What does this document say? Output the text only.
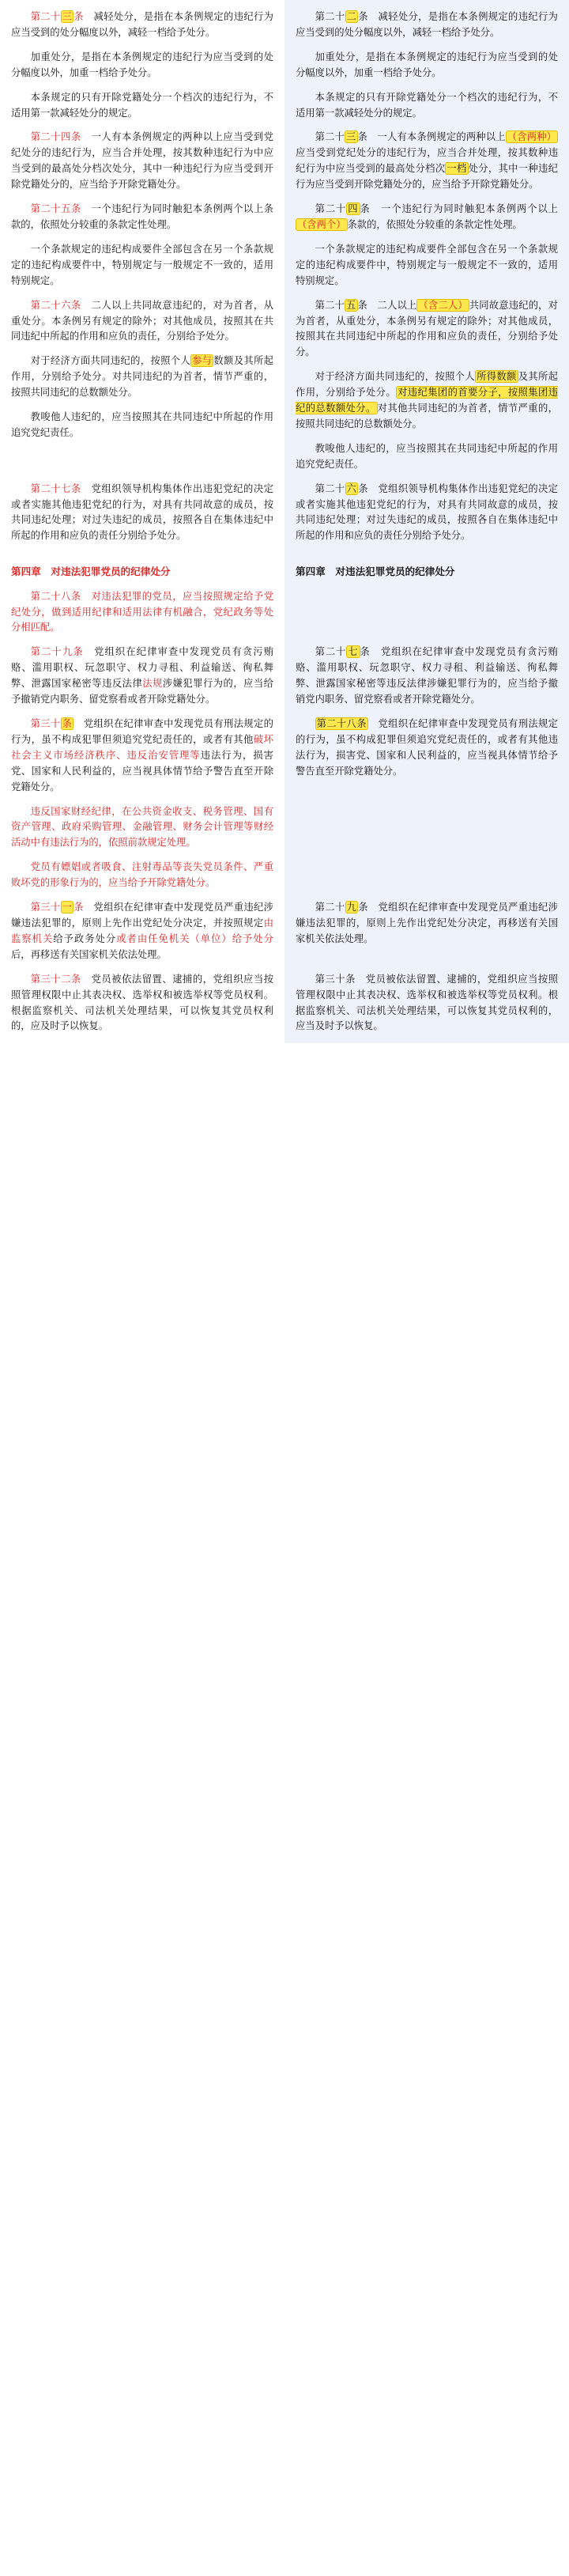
第二十 三 条　减轻处分，是指在本条例规定的违纪行为应当受到的处分幅度以外，减轻一档给予处分。

加重处分，是指在本条例规定的违纪行为应当受到的处分幅度以外，加重一档给予处分。

本条规定的只有开除党籍处分一个档次的违纪行为，不适用第一款减轻处分的规定。

第二十 二 条　减轻处分，是指在本条例规定的违纪行为应当受到的处分幅度以外，减轻一档给予处分。

加重处分，是指在本条例规定的违纪行为应当受到的处分幅度以外，加重一档给予处分。

本条规定的只有开除党籍处分一个档次的违纪行为，不适用第一款减轻处分的规定。

第二十四条　一人有本条例规定的两种以上应当受到党纪处分的违纪行为，应当合并处理，按其数种违纪行为中应当受到的最高处分档次处分，其中一种违纪行为应当受到开除党籍处分的，应当给予开除党籍处分。

第二十 三 条　一人有本条例规定的两种以上 （含两种）应当受到党纪处分的违纪行为，应当合并处理，按其数种违纪行为中应当受到的最高处分档次 一档 处分，其中一种违纪行为应当受到开除党籍处分的，应当给予开除党籍处分。

第二十五条　一个违纪行为同时触犯本条例两个以上条款的，依照处分较重的条款定性处理。

一个条款规定的违纪构成要件全部包含在另一个条款规定的违纪构成要件中，特别规定与一般规定不一致的，适用特别规定。

第二十 四 条　一个违纪行为同时触犯本条例两个以上（含两个） 条款的，依照处分较重的条款定性处理。

一个条款规定的违纪构成要件全部包含在另一个条款规定的违纪构成要件中，特别规定与一般规定不一致的，适用特别规定。

第二十六条　二人以上共同故意违纪的，对为首者，从重处分。本条例另有规定的除外；对其他成员，按照其在共同违纪中所起的作用和应负的责任，分别给予处分。

对于经济方面共同违纪的，按照个人 参与 数额及其所起作用，分别给予处分。对共同违纪的为首者，情节严重的，按照共同违纪的总数额处分。

教唆他人违纪的，应当按照其在共同违纪中所起的作用追究党纪责任。

第二十 五 条　二人以上 （含二人） 共同故意违纪的，对为首者，从重处分，本条例另有规定的除外；对其他成员，按照其在共同违纪中所起的作用和应负的责任，分别给予处分。

对于经济方面共同违纪的，按照个人 所得数额 及其所起作用，分别给予处分。 对违纪集团的首要分子，按照集团违纪的总数额处分。 对其他共同违纪的为首者，情节严重的，按照共同违纪的总数额处分。

教唆他人违纪的，应当按照其在共同违纪中所起的作用追究党纪责任。

第二十七条　党组织领导机构集体作出违犯党纪的决定或者实施其他违犯党纪的行为，对具有共同故意的成员，按共同违纪处理；对过失违纪的成员，按照各自在集体违纪中所起的作用和应负的责任分别给予处分。

第二十 六 条　党组织领导机构集体作出违犯党纪的决定或者实施其他违犯党纪的行为，对具有共同故意的成员，按共同违纪处理；对过失违纪的成员，按照各自在集体违纪中所起的作用和应负的责任分别给予处分。

第四章　对违法犯罪党员的纪律处分	第四章　对违法犯罪党员的纪律处分

第二十八条　对违法犯罪的党员，应当按照规定给予党纪处分，做到适用纪律和适用法律有机融合，党纪政务等处分相匹配。

第二十九条　党组织在纪律审查中发现党员有贪污贿赂、滥用职权、玩忽职守、权力寻租、利益输送、徇私舞弊、泄露国家秘密等违反法律法规涉嫌犯罪行为的，应当给予撤销党内职务、留党察看或者开除党籍处分。

第二十 七 条　党组织在纪律审查中发现党员有贪污贿赂、滥用职权、玩忽职守、权力寻租、利益输送、徇私舞弊、泄露国家秘密等违反法律涉嫌犯罪行为的，应当给予撤销党内职务、留党察看或者开除党籍处分。

第三十 条　党组织在纪律审查中发现党员有刑法规定的行为，虽不构成犯罪但须追究党纪责任的，或者有其他破坏社会主义市场经济秩序、违反治安管理等违法行为，损害党、国家和人民利益的，应当视具体情节给予警告直至开除党籍处分。

违反国家财经纪律，在公共资金收支、税务管理、国有资产管理、政府采购管理、金融管理、财务会计管理等财经活动中有违法行为的，依照前款规定处理。

党员有嫖娼或者吸食、注射毒品等丧失党员条件、严重败坏党的形象行为的，应当给予开除党籍处分。

第二十八条　党组织在纪律审查中发现党员有刑法规定的行为，虽不构成犯罪但须追究党纪责任的，或者有其他违法行为，损害党、国家和人民利益的，应当视具体情节给予警告直至开除党籍处分。

第三十 一 条　党组织在纪律审查中发现党员严重违纪涉嫌违法犯罪的，原则上先作出党纪处分决定，并按照规定由监察机关给予政务处分或者由任免机关（单位）给予处分后，再移送有关国家机关依法处理。

第二十 九 条　党组织在纪律审查中发现党员严重违纪涉嫌违法犯罪的，原则上先作出党纪处分决定，再移送有关国家机关依法处理。

第三十二条　党员被依法留置、逮捕的，党组织应当按照管理权限中止其表决权、选举权和被选举权等党员权利。根据监察机关、司法机关处理结果，可以恢复其党员权利的，应及时予以恢复。

第三十条　党员被依法留置、逮捕的，党组织应当按照管理权限中止其表决权、选举权和被选举权等党员权利。根据监察机关、司法机关处理结果，可以恢复其党员权利的，应当及时予以恢复。
